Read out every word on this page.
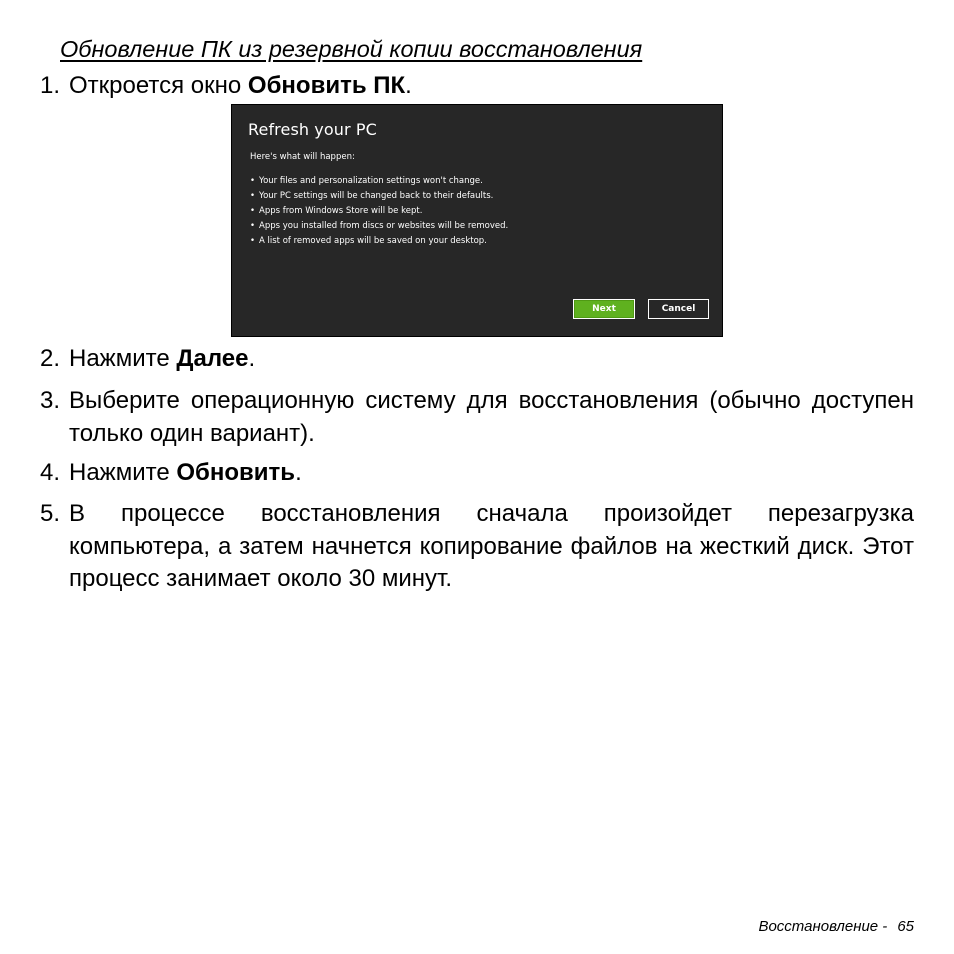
Обновление ПК из резервной копии восстановления
1. Откроется окно Обновить ПК.
Refresh your PC
Here's what will happen:
• Your files and personalization settings won't change.
• Your PC settings will be changed back to their defaults.
• Apps from Windows Store will be kept.
• Apps you installed from discs or websites will be removed.
• A list of removed apps will be saved on your desktop.
Next	Cancel
2. Нажмите Далее.
3. Выберите операционную систему для восстановления (обычно доступен только один вариант).
4. Нажмите Обновить.
5. В процессе восстановления сначала произойдет перезагрузка компьютера, а затем начнется копирование файлов на жесткий диск. Этот процесс занимает около 30 минут.
Восстановление - 65
